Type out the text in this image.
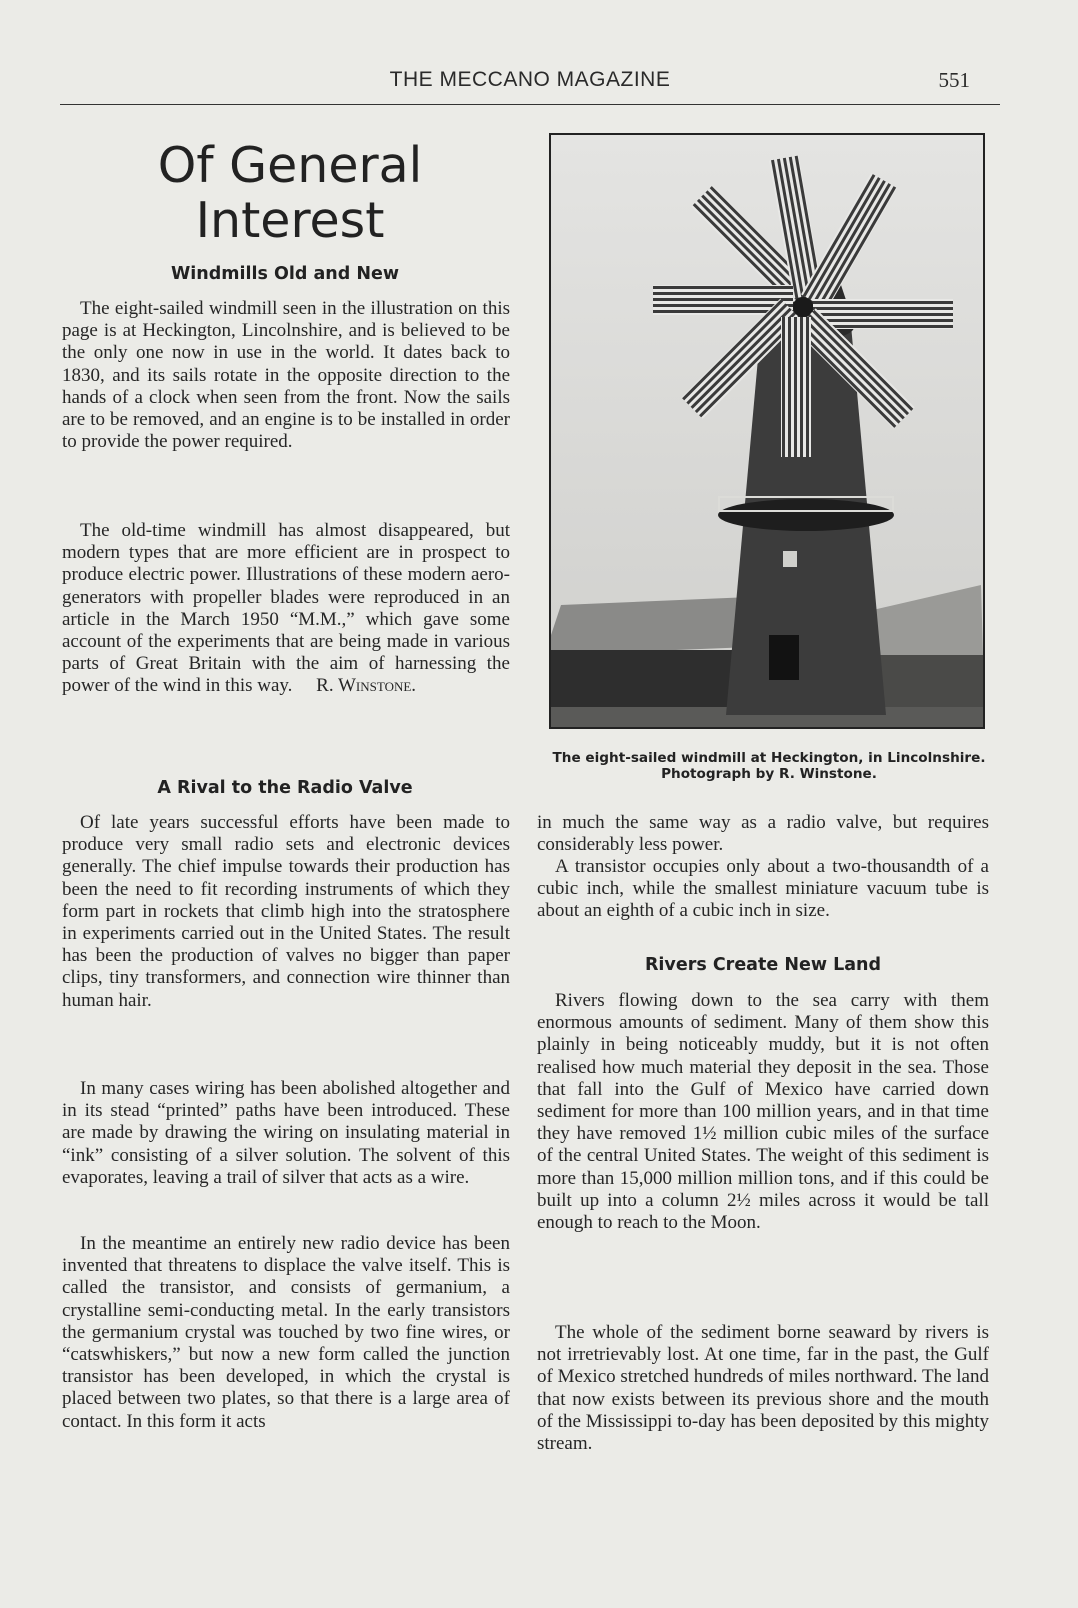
THE MECCANO MAGAZINE	551
Of General
Interest
Windmills Old and New

The eight-sailed windmill seen in the illustration on this page is at Heckington, Lincolnshire, and is believed to be the only one now in use in the world. It dates back to 1830, and its sails rotate in the opposite direction to the hands of a clock when seen from the front. Now the sails are to be removed, and an engine is to be installed in order to provide the power required.

The old-time windmill has almost disappeared, but modern types that are more efficient are in prospect to produce electric power. Illustrations of these modern aero-generators with propeller blades were reproduced in an article in the March 1950 “M.M.,” which gave some account of the experiments that are being made in various parts of Great Britain with the aim of harnessing the power of the wind in this way. R. Winstone.

A Rival to the Radio Valve

Of late years successful efforts have been made to produce very small radio sets and electronic devices generally. The chief impulse towards their production has been the need to fit recording instruments of which they form part in rockets that climb high into the stratosphere in experiments carried out in the United States. The result has been the production of valves no bigger than paper clips, tiny transformers, and connection wire thinner than human hair.

In many cases wiring has been abolished altogether and in its stead “printed” paths have been introduced. These are made by drawing the wiring on insulating material in “ink” consisting of a silver solution. The solvent of this evaporates, leaving a trail of silver that acts as a wire.

In the meantime an entirely new radio device has been invented that threatens to displace the valve itself. This is called the transistor, and consists of germanium, a crystalline semi-conducting metal. In the early transistors the germanium crystal was touched by two fine wires, or “catswhiskers,” but now a new form called the junction transistor has been developed, in which the crystal is placed between two plates, so that there is a large area of contact. In this form it acts

The eight-sailed windmill at Heckington, in Lincolnshire. Photograph by R. Winstone.

in much the same way as a radio valve, but requires considerably less power.

A transistor occupies only about a two-thousandth of a cubic inch, while the smallest miniature vacuum tube is about an eighth of a cubic inch in size.

Rivers Create New Land

Rivers flowing down to the sea carry with them enormous amounts of sediment. Many of them show this plainly in being noticeably muddy, but it is not often realised how much material they deposit in the sea. Those that fall into the Gulf of Mexico have carried down sediment for more than 100 million years, and in that time they have removed 1½ million cubic miles of the surface of the central United States. The weight of this sediment is more than 15,000 million million tons, and if this could be built up into a column 2½ miles across it would be tall enough to reach to the Moon.

The whole of the sediment borne seaward by rivers is not irretrievably lost. At one time, far in the past, the Gulf of Mexico stretched hundreds of miles northward. The land that now exists between its previous shore and the mouth of the Mississippi to-day has been deposited by this mighty stream.
